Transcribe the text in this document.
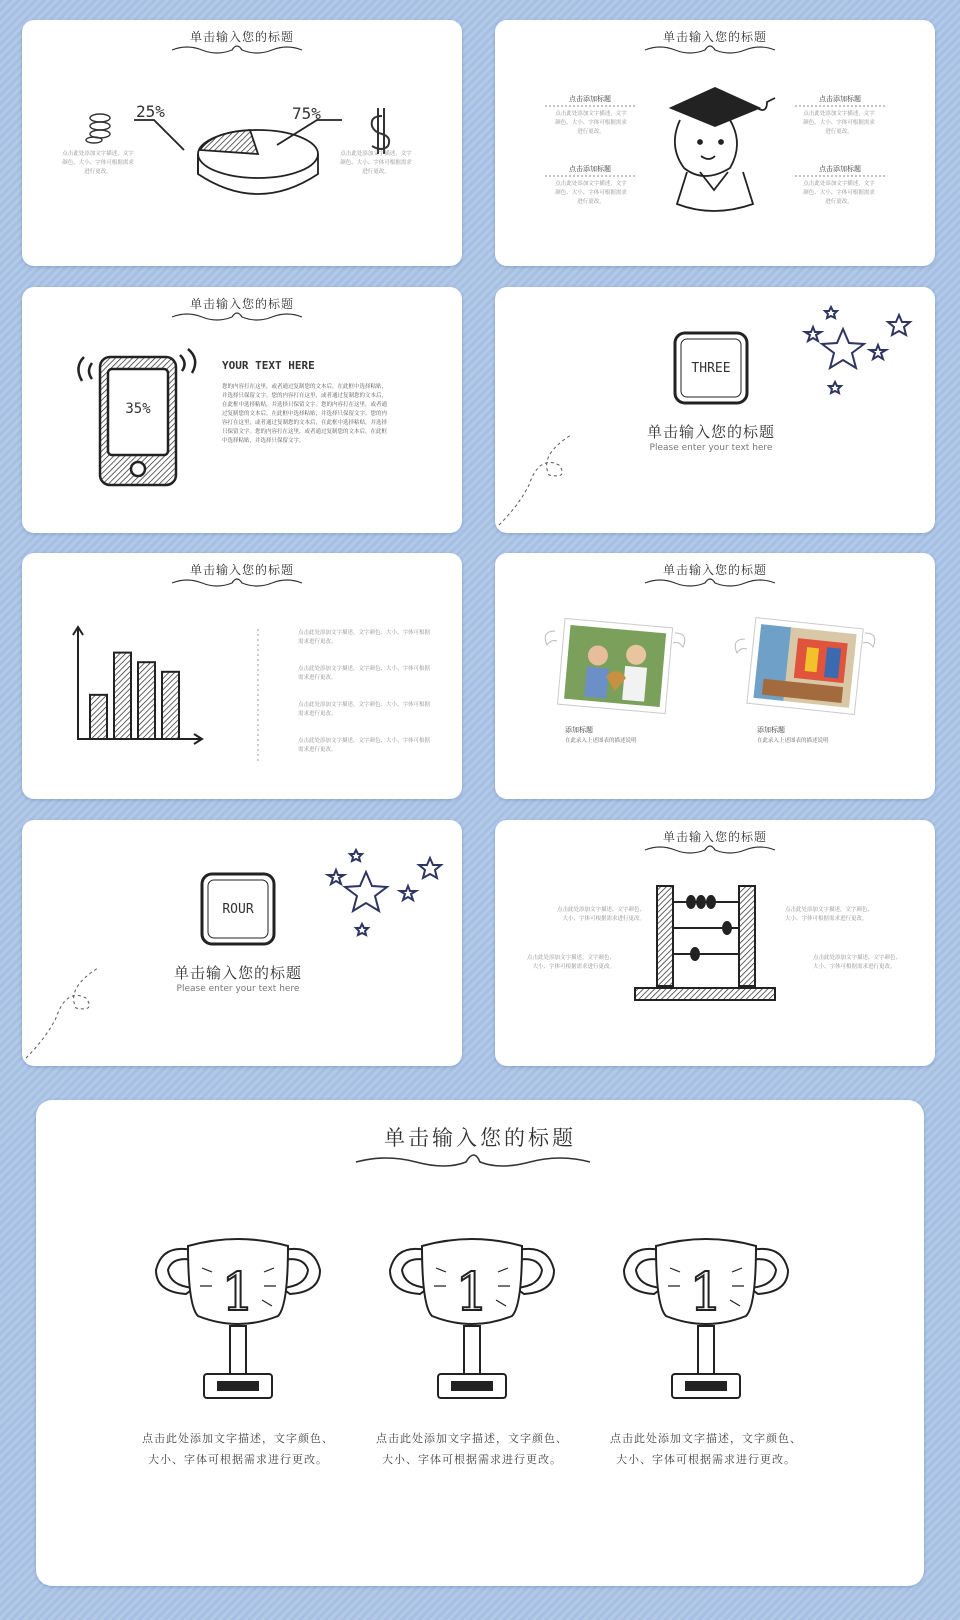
单击输入您的标题
25%	75%
点击此处添加文字描述，文字颜色、大小、字体可根据需求进行更改。
点击此处添加文字描述，文字颜色、大小、字体可根据需求进行更改。
单击输入您的标题
点击添加标题
点击此处添加文字描述，文字颜色、大小、字体可根据需求进行更改。
点击添加标题
点击此处添加文字描述，文字颜色、大小、字体可根据需求进行更改。
点击添加标题
点击此处添加文字描述，文字颜色、大小、字体可根据需求进行更改。
点击添加标题
点击此处添加文字描述，文字颜色、大小、字体可根据需求进行更改。
单击输入您的标题
35%
YOUR TEXT HERE
您的内容打在这里，或者通过复制您的文本后，在此框中选择粘贴，并选择只保留文字。您的内容打在这里，或者通过复制您的文本后，在此框中选择粘贴，并选择只保留文字。您的内容打在这里，或者通过复制您的文本后，在此框中选择粘贴，并选择只保留文字。您的内容打在这里，或者通过复制您的文本后，在此框中选择粘贴，并选择只保留文字。您的内容打在这里，或者通过复制您的文本后，在此框中选择粘贴，并选择只保留文字。
THREE
单击输入您的标题
Please enter your text here
单击输入您的标题
点击此处添加文字描述，文字颜色、大小、字体可根据需求进行更改。
点击此处添加文字描述，文字颜色、大小、字体可根据需求进行更改。
点击此处添加文字描述，文字颜色、大小、字体可根据需求进行更改。
点击此处添加文字描述，文字颜色、大小、字体可根据需求进行更改。
单击输入您的标题
添加标题
在此录入上述图表的描述说明
添加标题
在此录入上述图表的描述说明
ROUR
单击输入您的标题
Please enter your text here
单击输入您的标题
点击此处添加文字描述，文字颜色、大小、字体可根据需求进行更改。
点击此处添加文字描述，文字颜色、大小、字体可根据需求进行更改。
点击此处添加文字描述，文字颜色、大小、字体可根据需求进行更改。
点击此处添加文字描述，文字颜色、大小、字体可根据需求进行更改。
单击输入您的标题
1	1	1
点击此处添加文字描述，文字颜色、大小、字体可根据需求进行更改。
点击此处添加文字描述，文字颜色、大小、字体可根据需求进行更改。
点击此处添加文字描述，文字颜色、大小、字体可根据需求进行更改。
